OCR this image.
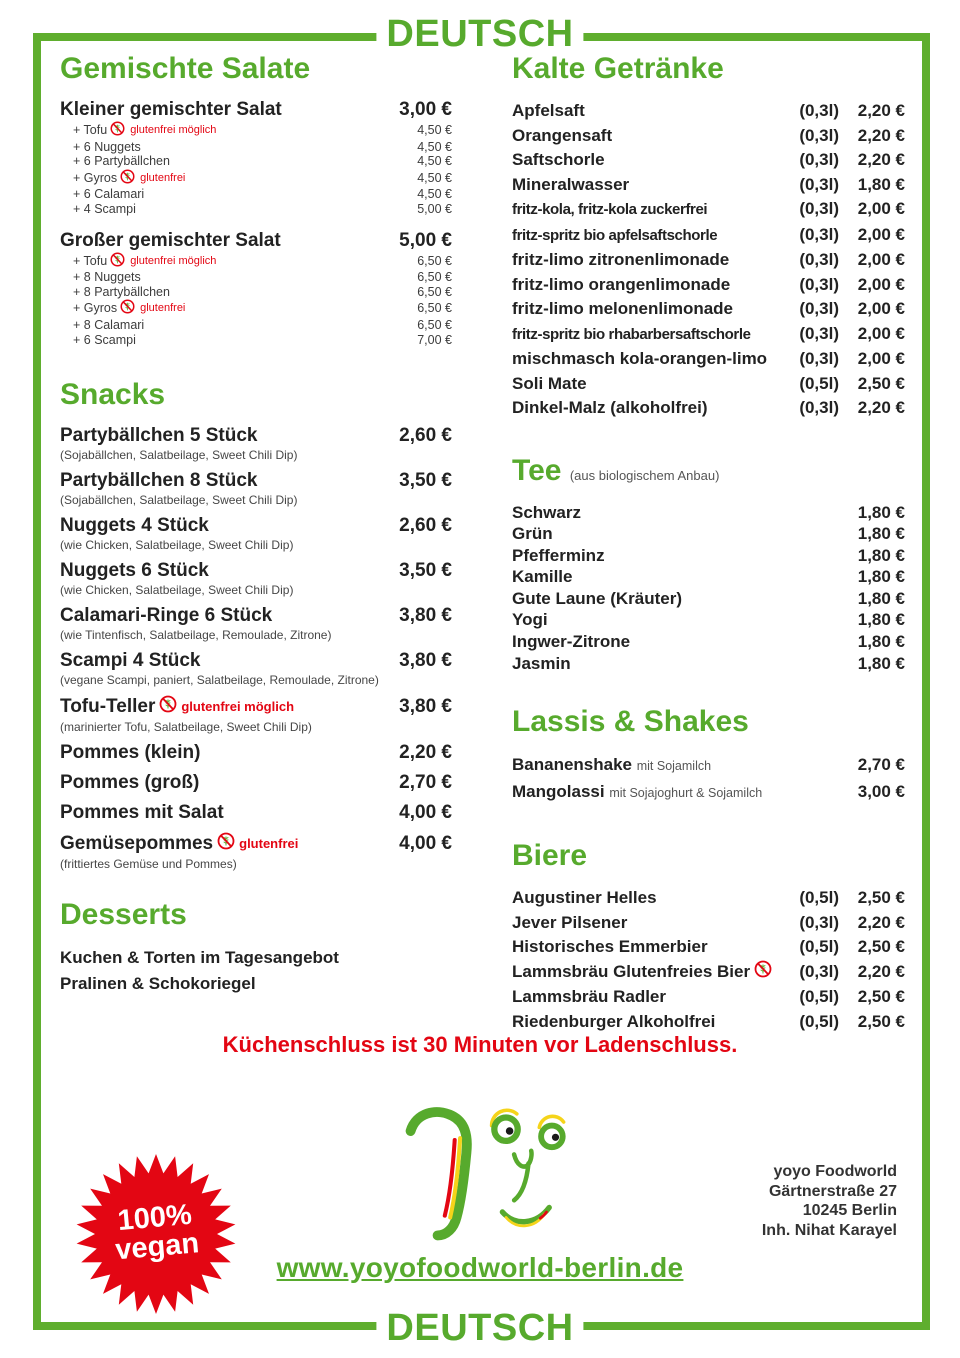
DEUTSCH
Gemischte Salate
Kleiner gemischter Salat	3,00 €
+ Tofu glutenfrei möglich	4,50 €
+ 6 Nuggets	4,50 €
+ 6 Partybällchen	4,50 €
+ Gyros glutenfrei	4,50 €
+ 6 Calamari	4,50 €
+ 4 Scampi	5,00 €
Großer gemischter Salat	5,00 €
+ Tofu glutenfrei möglich	6,50 €
+ 8 Nuggets	6,50 €
+ 8 Partybällchen	6,50 €
+ Gyros glutenfrei	6,50 €
+ 8 Calamari	6,50 €
+ 6 Scampi	7,00 €
Snacks
Partybällchen 5 Stück	2,60 €
(Sojabällchen, Salatbeilage, Sweet Chili Dip)
Partybällchen 8 Stück	3,50 €
(Sojabällchen, Salatbeilage, Sweet Chili Dip)
Nuggets 4 Stück	2,60 €
(wie Chicken, Salatbeilage, Sweet Chili Dip)
Nuggets 6 Stück	3,50 €
(wie Chicken, Salatbeilage, Sweet Chili Dip)
Calamari-Ringe 6 Stück	3,80 €
(wie Tintenfisch, Salatbeilage, Remoulade, Zitrone)
Scampi 4 Stück	3,80 €
(vegane Scampi, paniert, Salatbeilage, Remoulade, Zitrone)
Tofu-Teller glutenfrei möglich	3,80 €
(marinierter Tofu, Salatbeilage, Sweet Chili Dip)
Pommes (klein)	2,20 €
Pommes (groß)	2,70 €
Pommes mit Salat	4,00 €
Gemüsepommes glutenfrei	4,00 €
(frittiertes Gemüse und Pommes)
Desserts
Kuchen & Torten im Tagesangebot
Pralinen & Schokoriegel
Kalte Getränke
Apfelsaft	(0,3l)	2,20 €
Orangensaft	(0,3l)	2,20 €
Saftschorle	(0,3l)	2,20 €
Mineralwasser	(0,3l)	1,80 €
fritz-kola, fritz-kola zuckerfrei	(0,3l)	2,00 €
fritz-spritz bio apfelsaftschorle	(0,3l)	2,00 €
fritz-limo zitronenlimonade	(0,3l)	2,00 €
fritz-limo orangenlimonade	(0,3l)	2,00 €
fritz-limo melonenlimonade	(0,3l)	2,00 €
fritz-spritz bio rhabarbersaftschorle	(0,3l)	2,00 €
mischmasch kola-orangen-limo	(0,3l)	2,00 €
Soli Mate	(0,5l)	2,50 €
Dinkel-Malz (alkoholfrei)	(0,3l)	2,20 €
Tee (aus biologischem Anbau)
Schwarz	1,80 €
Grün	1,80 €
Pfefferminz	1,80 €
Kamille	1,80 €
Gute Laune (Kräuter)	1,80 €
Yogi	1,80 €
Ingwer-Zitrone	1,80 €
Jasmin	1,80 €
Lassis & Shakes
Bananenshake mit Sojamilch	2,70 €
Mangolassi mit Sojajoghurt & Sojamilch	3,00 €
Biere
Augustiner Helles	(0,5l)	2,50 €
Jever Pilsener	(0,3l)	2,20 €
Historisches Emmerbier	(0,5l)	2,50 €
Lammsbräu Glutenfreies Bier	(0,3l)	2,20 €
Lammsbräu Radler	(0,5l)	2,50 €
Riedenburger Alkoholfrei	(0,5l)	2,50 €
Küchenschluss ist 30 Minuten vor Ladenschluss.
100%
vegan
yoyo Foodworld
Gärtnerstraße 27
10245 Berlin
Inh. Nihat Karayel
www.yoyofoodworld-berlin.de
DEUTSCH
